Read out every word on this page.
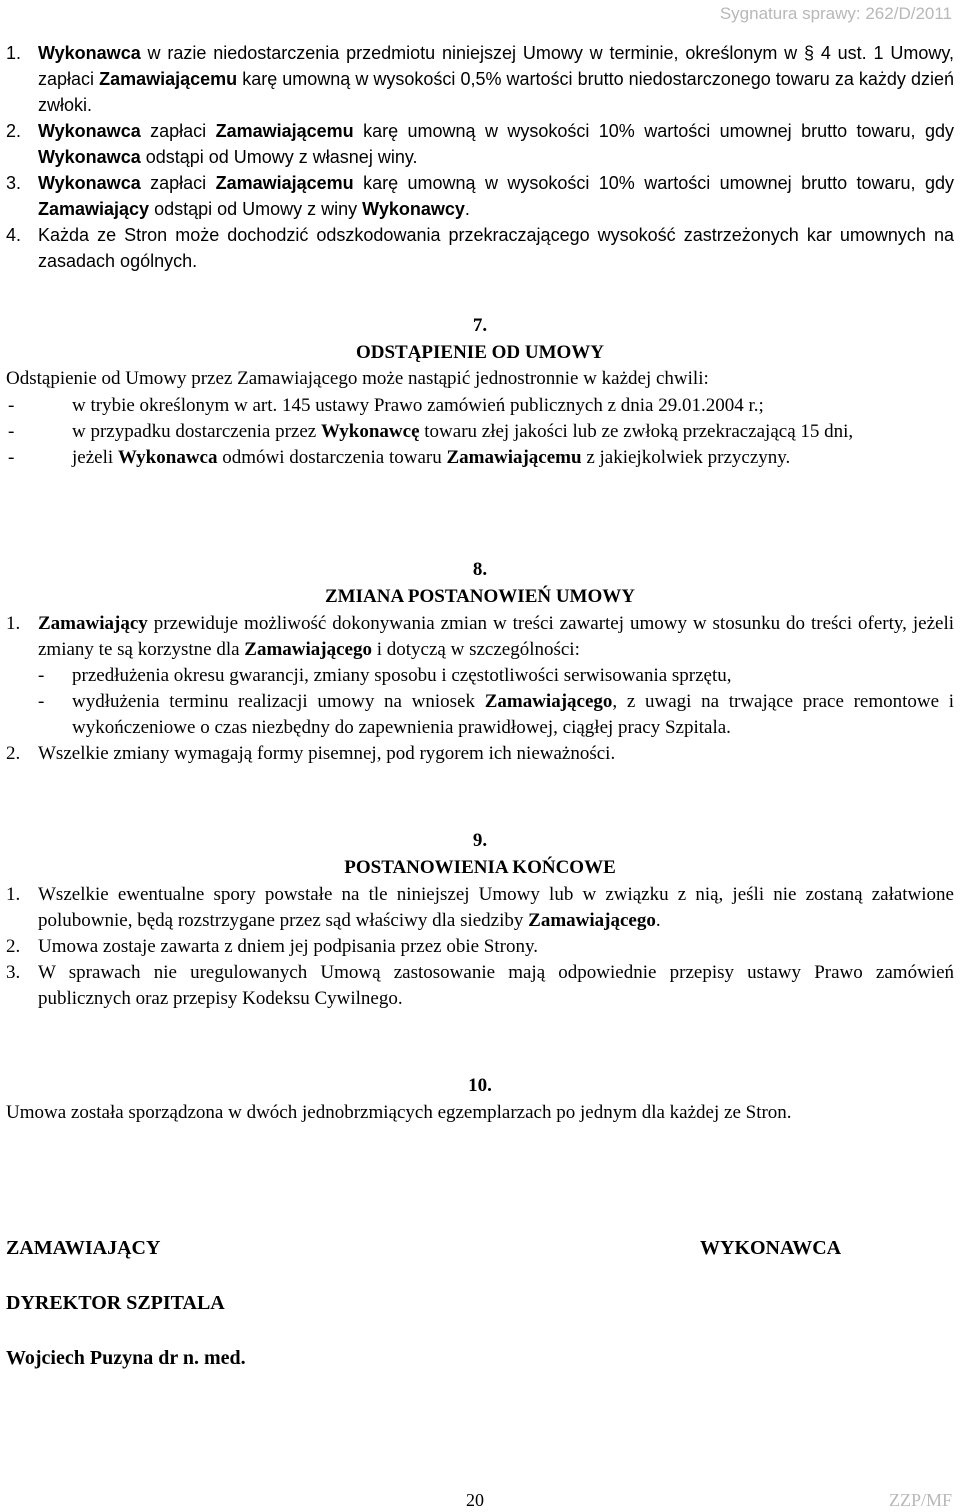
Sygnatura sprawy: 262/D/2011
1. Wykonawca w razie niedostarczenia przedmiotu niniejszej Umowy w terminie, określonym w § 4 ust. 1 Umowy, zapłaci Zamawiającemu karę umowną w wysokości 0,5% wartości brutto niedostarczonego towaru za każdy dzień zwłoki.
2. Wykonawca zapłaci Zamawiającemu karę umowną w wysokości 10% wartości umownej brutto towaru, gdy Wykonawca odstąpi od Umowy z własnej winy.
3. Wykonawca zapłaci Zamawiającemu karę umowną w wysokości 10% wartości umownej brutto towaru, gdy Zamawiający odstąpi od Umowy z winy Wykonawcy.
4. Każda ze Stron może dochodzić odszkodowania przekraczającego wysokość zastrzeżonych kar umownych na zasadach ogólnych.
7.
ODSTĄPIENIE OD UMOWY
Odstąpienie od Umowy przez Zamawiającego może nastąpić jednostronnie w każdej chwili:
-	w trybie określonym w art. 145 ustawy Prawo zamówień publicznych z dnia 29.01.2004 r.;
-	w przypadku dostarczenia przez Wykonawcę towaru złej jakości lub ze zwłoką przekraczającą 15 dni,
-	jeżeli Wykonawca odmówi dostarczenia towaru Zamawiającemu z jakiejkolwiek przyczyny.
8.
ZMIANA POSTANOWIEŃ UMOWY
1. Zamawiający przewiduje możliwość dokonywania zmian w treści zawartej umowy w stosunku do treści oferty, jeżeli zmiany te są korzystne dla Zamawiającego i dotyczą w szczególności:
- przedłużenia okresu gwarancji, zmiany sposobu i częstotliwości serwisowania sprzętu,
- wydłużenia terminu realizacji umowy na wniosek Zamawiającego, z uwagi na trwające prace remontowe i wykończeniowe o czas niezbędny do zapewnienia prawidłowej, ciągłej pracy Szpitala.
2. Wszelkie zmiany wymagają formy pisemnej, pod rygorem ich nieważności.
9.
POSTANOWIENIA KOŃCOWE
1. Wszelkie ewentualne spory powstałe na tle niniejszej Umowy lub w związku z nią, jeśli nie zostaną załatwione polubownie, będą rozstrzygane przez sąd właściwy dla siedziby Zamawiającego.
2. Umowa zostaje zawarta z dniem jej podpisania przez obie Strony.
3. W sprawach nie uregulowanych Umową zastosowanie mają odpowiednie przepisy ustawy Prawo zamówień publicznych oraz przepisy Kodeksu Cywilnego.
10.
Umowa została sporządzona w dwóch jednobrzmiących egzemplarzach po jednym dla każdej ze Stron.
ZAMAWIAJĄCY	WYKONAWCA
DYREKTOR SZPITALA
Wojciech Puzyna dr n. med.
20	ZZP/MF
